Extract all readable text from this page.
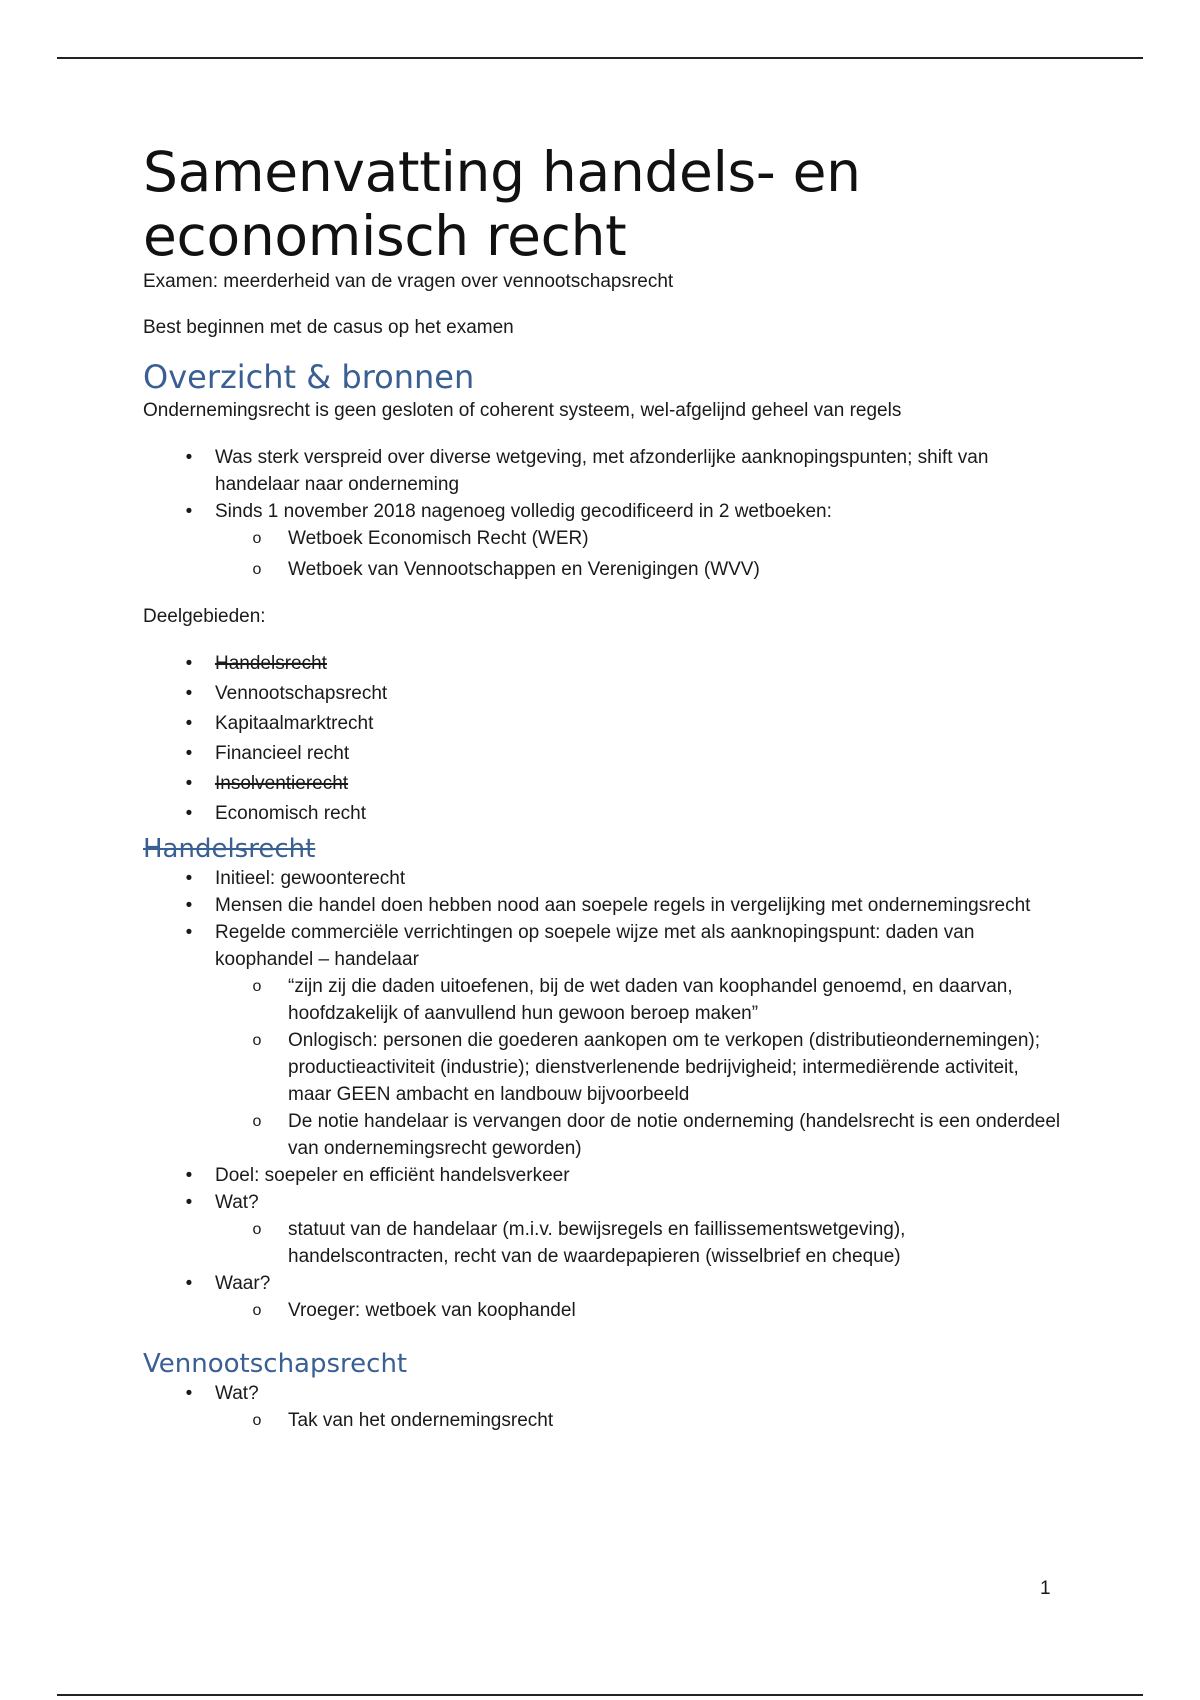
Samenvatting handels- en economisch recht

Examen: meerderheid van de vragen over vennootschapsrecht

Best beginnen met de casus op het examen

Overzicht & bronnen

Ondernemingsrecht is geen gesloten of coherent systeem, wel-afgelijnd geheel van regels

•	Was sterk verspreid over diverse wetgeving, met afzonderlijke aanknopingspunten; shift van handelaar naar onderneming
•	Sinds 1 november 2018 nagenoeg volledig gecodificeerd in 2 wetboeken:
o Wetboek Economisch Recht (WER)
o Wetboek van Vennootschappen en Verenigingen (WVV)

Deelgebieden:

•	Handelsrecht
•	Vennootschapsrecht
•	Kapitaalmarktrecht
•	Financieel recht
•	Insolventierecht
•	Economisch recht
Handelsrecht
•	Initieel: gewoonterecht
•	Mensen die handel doen hebben nood aan soepele regels in vergelijking met ondernemingsrecht
•	Regelde commerciële verrichtingen op soepele wijze met als aanknopingspunt: daden van koophandel – handelaar
o “zijn zij die daden uitoefenen, bij de wet daden van koophandel genoemd, en daarvan, hoofdzakelijk of aanvullend hun gewoon beroep maken”
o Onlogisch: personen die goederen aankopen om te verkopen (distributieondernemingen); productieactiviteit (industrie); dienstverlenende bedrijvigheid; intermediërende activiteit, maar GEEN ambacht en landbouw bijvoorbeeld
o De notie handelaar is vervangen door de notie onderneming (handelsrecht is een onderdeel van ondernemingsrecht geworden)
•	Doel: soepeler en efficiënt handelsverkeer
•	Wat?
o statuut van de handelaar (m.i.v. bewijsregels en faillissementswetgeving), handelscontracten, recht van de waardepapieren (wisselbrief en cheque)
•	Waar?
o Vroeger: wetboek van koophandel
Vennootschapsrecht
•	Wat?
o Tak van het ondernemingsrecht
1
